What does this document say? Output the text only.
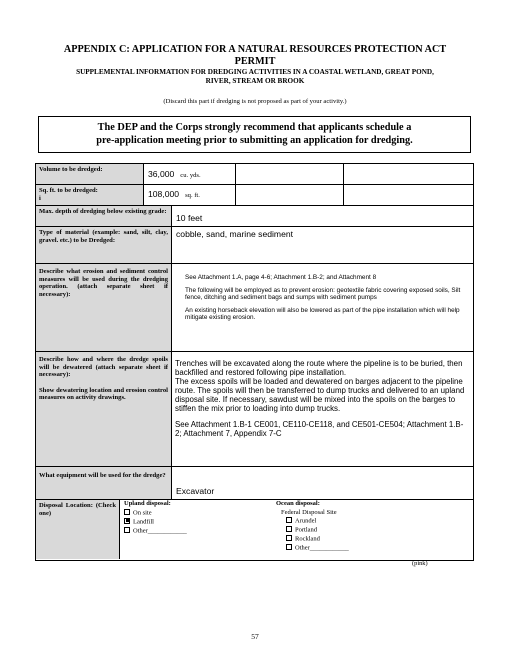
APPENDIX C: APPLICATION FOR A NATURAL RESOURCES PROTECTION ACT
PERMIT
SUPPLEMENTAL INFORMATION FOR DREDGING ACTIVITIES IN A COASTAL WETLAND, GREAT POND,
RIVER, STREAM OR BROOK
(Discard this part if dredging is not proposed as part of your activity.)
The DEP and the Corps strongly recommend that applicants schedule a
pre-application meeting prior to submitting an application for dredging.
Volume to be dredged:	36,000 cu. yds.
Sq. ft. to be dredged:
i	108,000 sq. ft.
Max. depth of dredging below existing grade:
10 feet
Type of material (example: sand, silt, clay, gravel. etc.) to be Dredged:
cobble, sand, marine sediment
Describe what erosion and sediment control measures will be used during the dredging operation. (attach separate sheet if necessary):
See Attachment 1.A, page 4-6; Attachment 1.B-2; and Attachment 8
The following will be employed as to prevent erosion: geotextile fabric covering exposed soils, Silt fence, ditching and sediment bags and sumps with sediment pumps
An existing horseback elevation will also be lowered as part of the pipe installation which will help mitigate existing erosion.
Describe how and where the dredge spoils will be dewatered (attach separate sheet if necessary):
Show dewatering location and erosion control measures on activity drawings.
Trenches will be excavated along the route where the pipeline is to be buried, then backfilled and restored following pipe installation.
The excess spoils will be loaded and dewatered on barges adjacent to the pipeline route. The spoils will then be transferred to dump trucks and delivered to an upland disposal site. If necessary, sawdust will be mixed into the spoils on the barges to stiffen the mix prior to loading into dump trucks.
See Attachment 1.B-1 CE001, CE110-CE118, and CE501-CE504; Attachment 1.B-2; Attachment 7, Appendix 7-C
What equipment will be used for the dredge?
Excavator
Disposal Location: (Check one)
Upland disposal:
On site
Landfill
Other____________
Ocean disposal:
Federal Disposal Site
Arundel
Portland
Rockland
Other____________
(pink)
57
